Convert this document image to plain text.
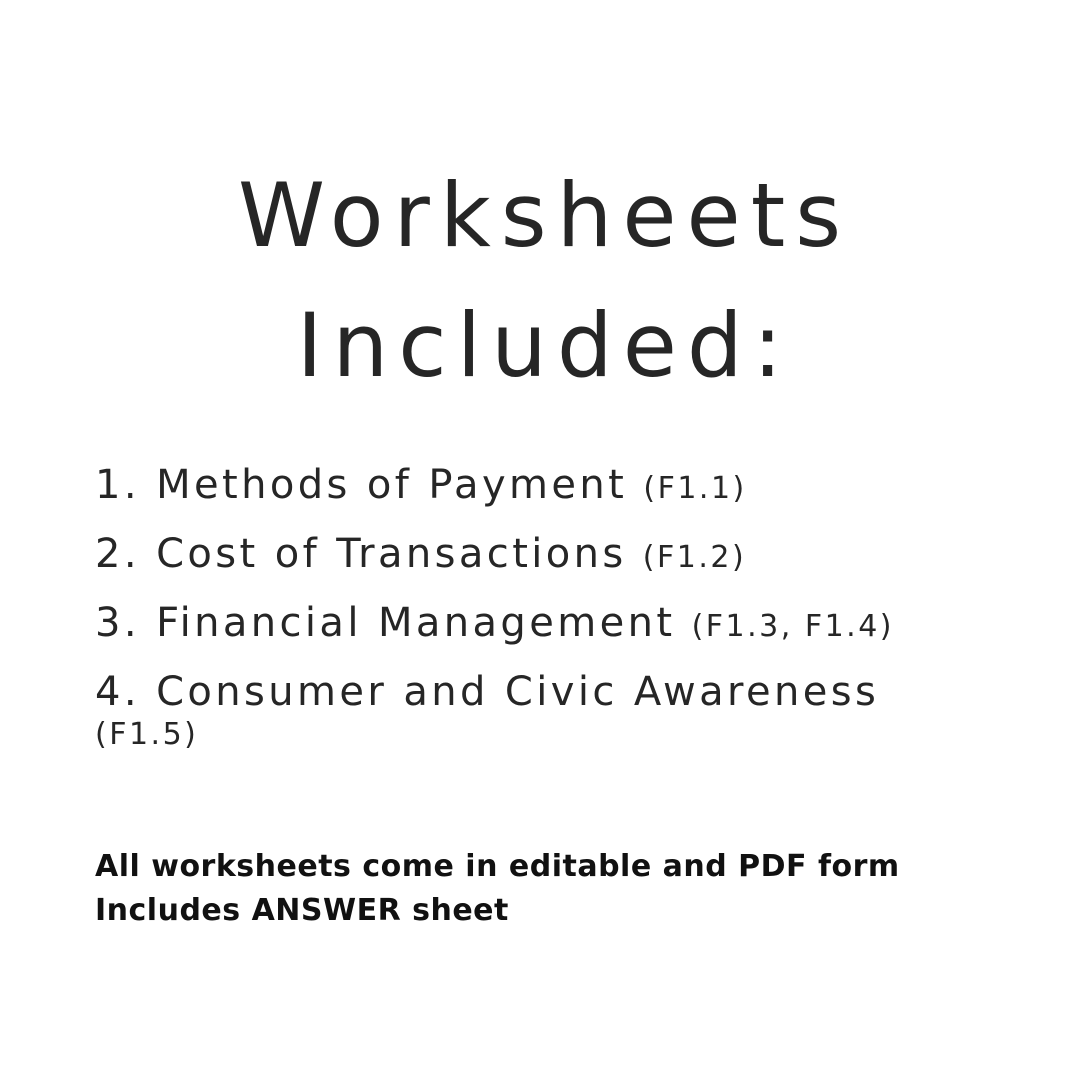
Worksheets
Included:
1. Methods of Payment (F1.1)
2. Cost of Transactions (F1.2)
3. Financial Management (F1.3, F1.4)
4. Consumer and Civic Awareness
(F1.5)
All worksheets come in editable and PDF form
Includes ANSWER sheet
